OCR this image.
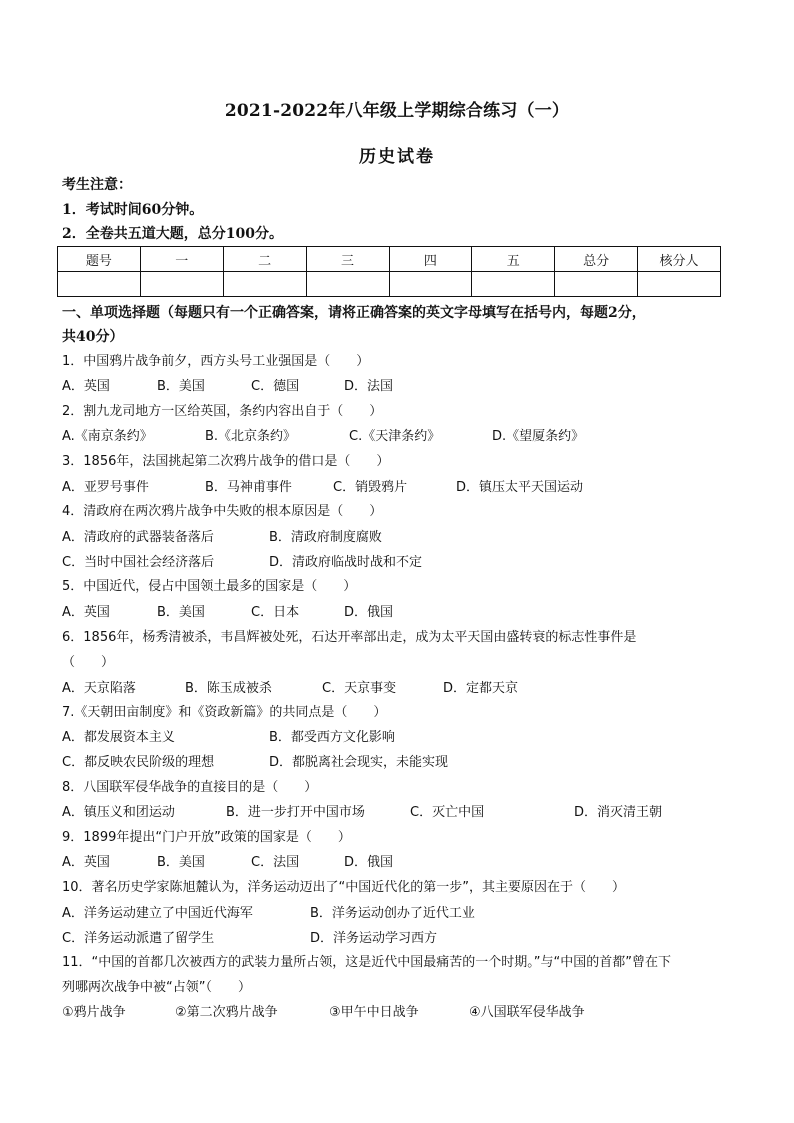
2021-2022年八年级上学期综合练习（一）
历史试卷
考生注意：
1．考试时间60分钟。
2．全卷共五道大题，总分100分。
题号	一	二	三	四	五	总分	核分人

一、单项选择题（每题只有一个正确答案，请将正确答案的英文字母填写在括号内，每题2分，
共40分）
1．中国鸦片战争前夕，西方头号工业强国是（　　）
A．英国	B．美国	C．德国	D．法国
2．割九龙司地方一区给英国，条约内容出自于（　　）
A.《南京条约》	B.《北京条约》	C.《天津条约》	D.《望厦条约》
3．1856年，法国挑起第二次鸦片战争的借口是（　　）
A．亚罗号事件	B．马神甫事件	C．销毁鸦片	D．镇压太平天国运动
4．清政府在两次鸦片战争中失败的根本原因是（　　）
A．清政府的武器装备落后	B．清政府制度腐败
C．当时中国社会经济落后	D．清政府临战时战和不定
5．中国近代，侵占中国领土最多的国家是（　　）
A．英国	B．美国	C．日本	D．俄国
6．1856年，杨秀清被杀，韦昌辉被处死，石达开率部出走，成为太平天国由盛转衰的标志性事件是
（　　）
A．天京陷落	B．陈玉成被杀	C．天京事变	D．定都天京
7.《天朝田亩制度》和《资政新篇》的共同点是（　　）
A．都发展资本主义	B．都受西方文化影响
C．都反映农民阶级的理想	D．都脱离社会现实，未能实现
8．八国联军侵华战争的直接目的是（　　）
A．镇压义和团运动	B．进一步打开中国市场	C．灭亡中国	D．消灭清王朝
9．1899年提出“门户开放”政策的国家是（　　）
A．英国	B．美国	C．法国	D．俄国
10．著名历史学家陈旭麓认为，洋务运动迈出了“中国近代化的第一步”，其主要原因在于（　　）
A．洋务运动建立了中国近代海军	B．洋务运动创办了近代工业
C．洋务运动派遣了留学生	D．洋务运动学习西方
11．“中国的首都几次被西方的武装力量所占领，这是近代中国最痛苦的一个时期。”与“中国的首都”曾在下
列哪两次战争中被“占领”（　　）
①鸦片战争	②第二次鸦片战争	③甲午中日战争	④八国联军侵华战争
